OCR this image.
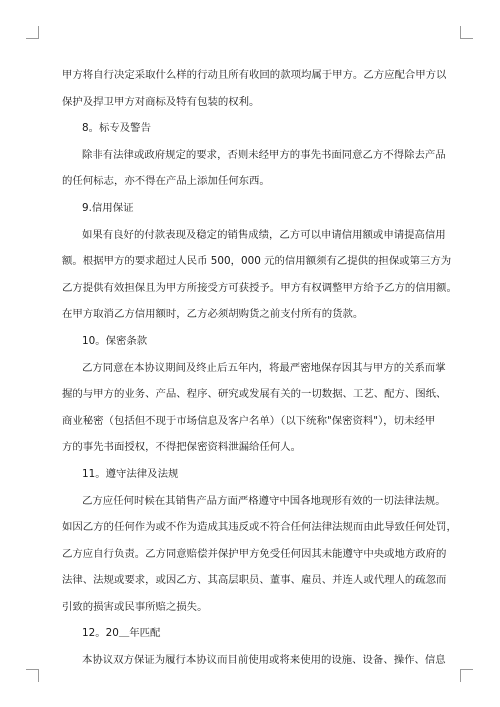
甲方将自行决定采取什么样的行动且所有收回的款项均属于甲方。乙方应配合甲方以

保护及捍卫甲方对商标及特有包装的权利。

8。标专及警告

除非有法律或政府规定的要求，否则未经甲方的事先书面同意乙方不得除去产品

的任何标志，亦不得在产品上添加任何东西。

9.信用保证

如果有良好的付款表现及稳定的销售成绩，乙方可以申请信用额或申请提高信用

额。根据甲方的要求超过人民币 500，000 元的信用额须有乙提供的担保或第三方为

乙方提供有效担保且为甲方所接受方可获授予。甲方有权调整甲方给予乙方的信用额。

在甲方取消乙方信用额时，乙方必须胡购货之前支付所有的货款。

10。保密条款

乙方同意在本协议期间及终止后五年内，将最严密地保存因其与甲方的关系而掌

握的与甲方的业务、产品、程序、研究或发展有关的一切数据、工艺、配方、图纸、

商业秘密（包括但不现于市场信息及客户名单）（以下统称"保密资料"），切未经甲

方的事先书面授权，不得把保密资料泄漏给任何人。

11。遵守法律及法规

乙方应任何时候在其销售产品方面严格遵守中国各地现形有效的一切法律法规。

如因乙方的任何作为或不作为造成其违反或不符合任何法律法规而由此导致任何处罚，

乙方应自行负责。乙方同意赔偿并保护甲方免受任何因其未能遵守中央或地方政府的

法律、法规或要求，或因乙方、其高层职员、董事、雇员、并连人或代理人的疏忽而

引致的损害或民事所赔之损失。

12。20＿年匹配

本协议双方保证为履行本协议而目前使用或将来使用的设施、设备、操作、信息
